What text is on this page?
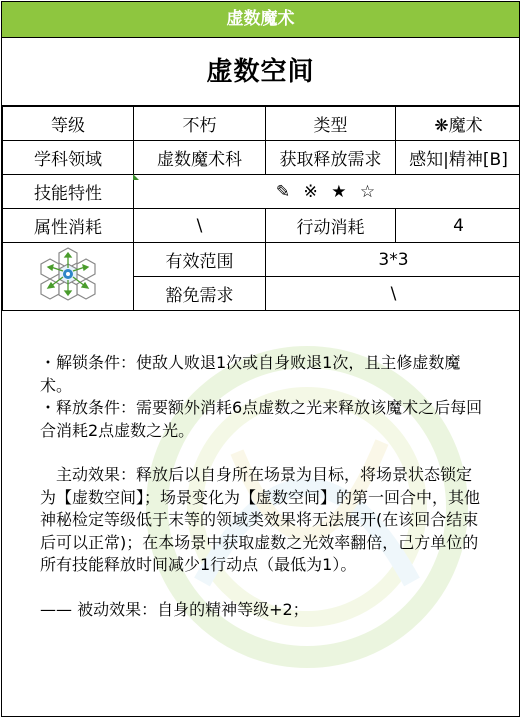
虚数魔术
虚数空间
等级	不朽	类型	❋魔术
学科领域	虚数魔术科	获取释放需求	感知|精神[B]
技能特性	✎ ※ ★ ☆		
属性消耗	\	行动消耗	4
	有效范围	3*3	
	豁免需求	\	

・解锁条件：使敌人败退1次或自身败退1次，且主修虚数魔术。

・释放条件：需要额外消耗6点虚数之光来释放该魔术之后每回合消耗2点虚数之光。

主动效果：释放后以自身所在场景为目标，将场景状态锁定为【虚数空间】；场景变化为【虚数空间】的第一回合中，其他神秘检定等级低于末等的领域类效果将无法展开(在该回合结束后可以正常)；在本场景中获取虚数之光效率翻倍，己方单位的所有技能释放时间减少1行动点（最低为1）。

—— 被动效果：自身的精神等级+2；
